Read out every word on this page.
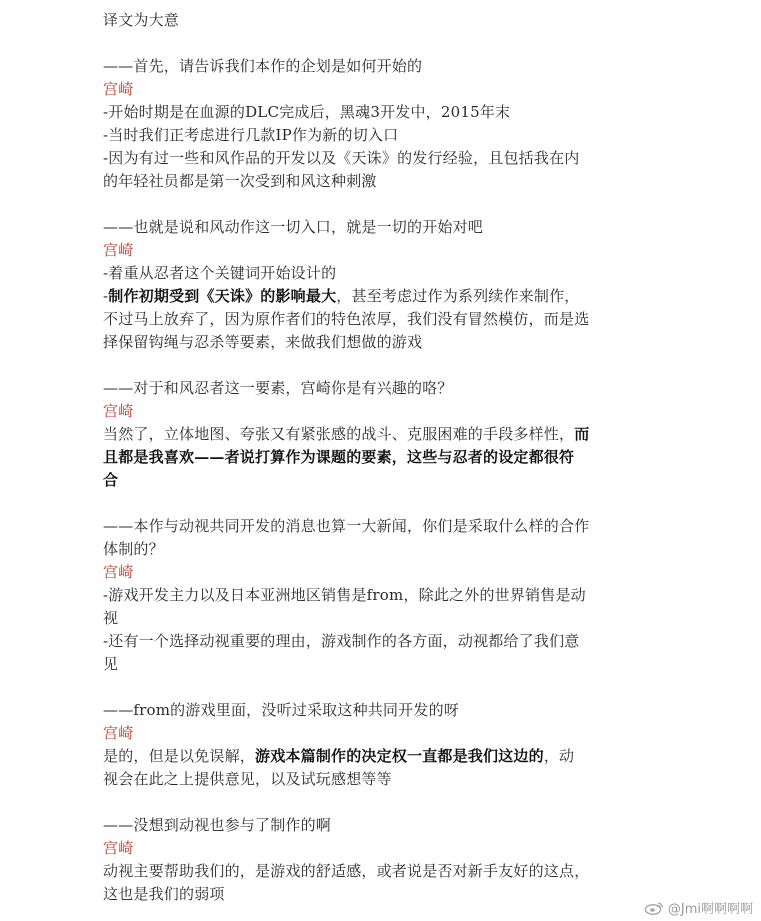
译文为大意
——首先，请告诉我们本作的企划是如何开始的
宫崎
-开始时期是在血源的DLC完成后，黑魂3开发中，2015年末
-当时我们正考虑进行几款IP作为新的切入口
-因为有过一些和风作品的开发以及《天诛》的发行经验，且包括我在内
的年轻社员都是第一次受到和风这种刺激
——也就是说和风动作这一切入口，就是一切的开始对吧
宫崎
-着重从忍者这个关键词开始设计的
-制作初期受到《天诛》的影响最大，甚至考虑过作为系列续作来制作，
不过马上放弃了，因为原作者们的特色浓厚，我们没有冒然模仿，而是选
择保留钩绳与忍杀等要素，来做我们想做的游戏
——对于和风忍者这一要素，宫崎你是有兴趣的咯？
宫崎
当然了，立体地图、夸张又有紧张感的战斗、克服困难的手段多样性，而
且都是我喜欢——者说打算作为课题的要素，这些与忍者的设定都很符
合
——本作与动视共同开发的消息也算一大新闻，你们是采取什么样的合作
体制的？
宫崎
-游戏开发主力以及日本亚洲地区销售是from，除此之外的世界销售是动
视
-还有一个选择动视重要的理由，游戏制作的各方面，动视都给了我们意
见
——from的游戏里面，没听过采取这种共同开发的呀
宫崎
是的，但是以免误解，游戏本篇制作的决定权一直都是我们这边的，动
视会在此之上提供意见，以及试玩感想等等
——没想到动视也参与了制作的啊
宫崎
动视主要帮助我们的，是游戏的舒适感，或者说是否对新手友好的这点，
这也是我们的弱项
@Jmi啊啊啊啊
